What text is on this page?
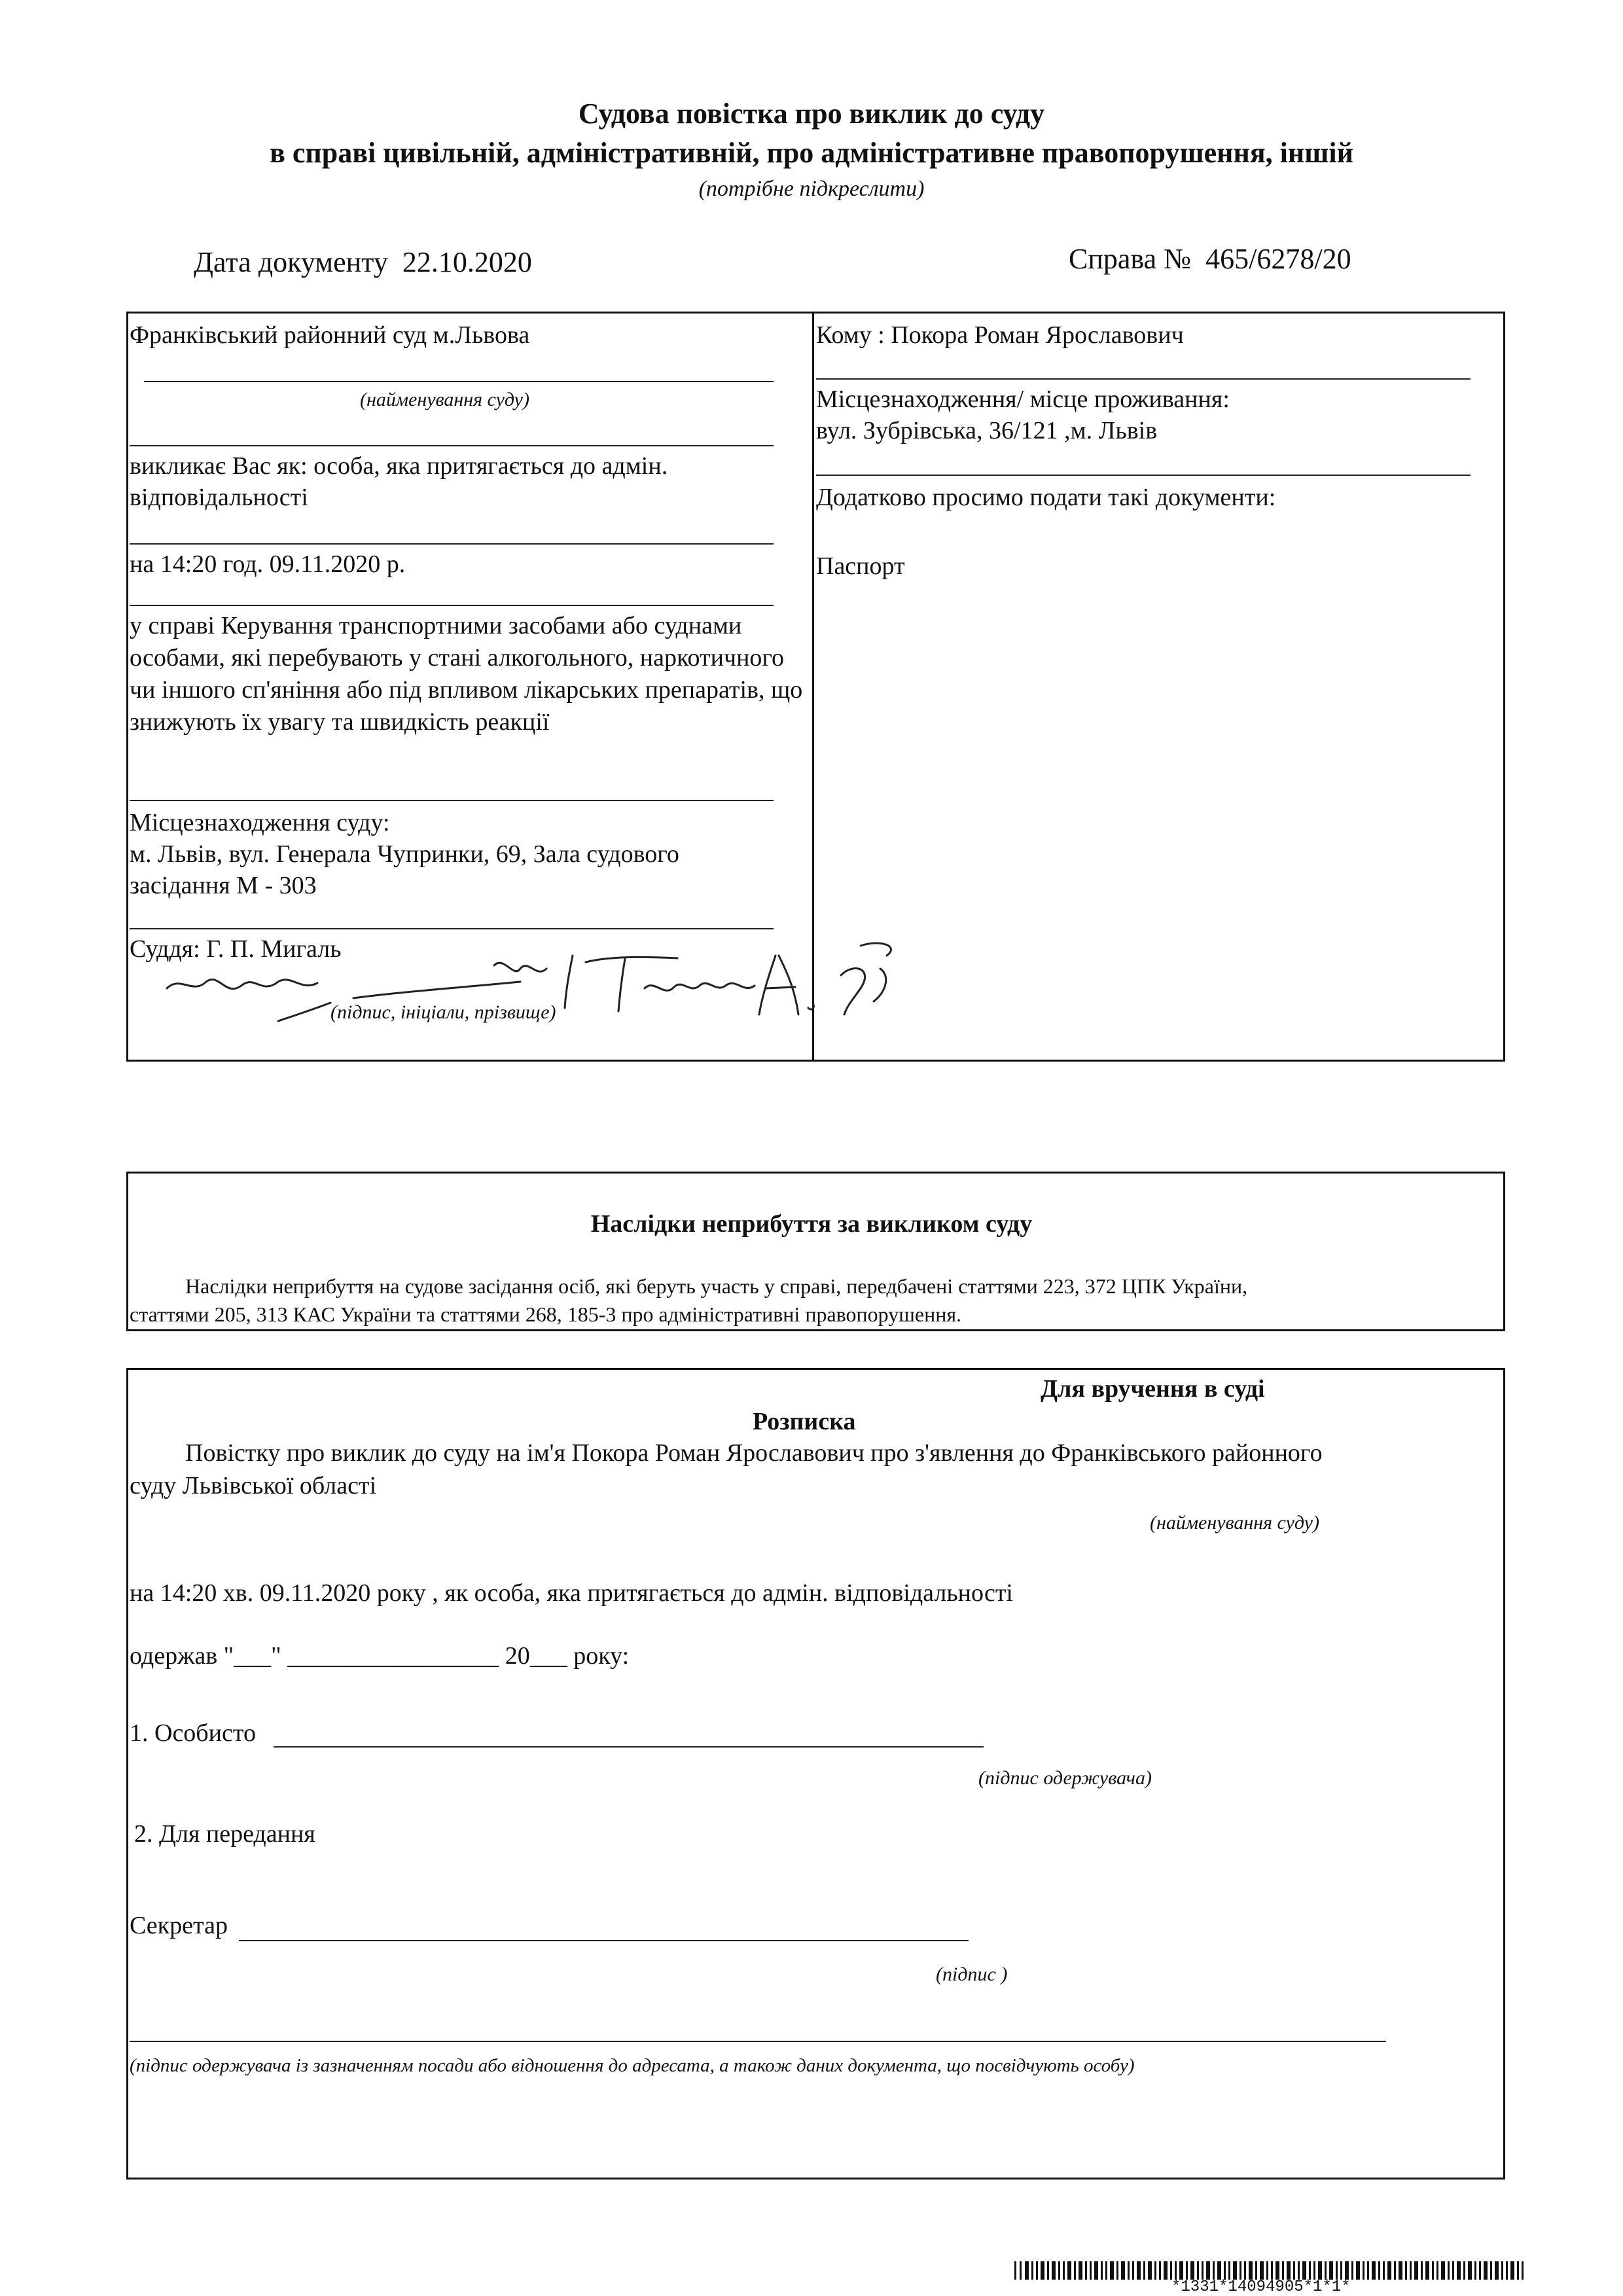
Судова повістка про виклик до суду
в справі цивільній, адміністративній, про адміністративне правопорушення, іншій
(потрібне підкреслити)
Дата документу 22.10.2020	Справа № 465/6278/20
Франківський районний суд м.Львова
(найменування суду)
викликає Вас як: особа, яка притягається до адмін.
відповідальності
на 14:20 год. 09.11.2020 р.
у справі Керування транспортними засобами або суднами особами, які перебувають у стані алкогольного, наркотичного чи іншого сп'яніння або під впливом лікарських препаратів, що знижують їх увагу та швидкість реакції
Місцезнаходження суду:
м. Львів, вул. Генерала Чупринки, 69, Зала судового
засідання М - 303
Суддя: Г. П. Мигаль
(підпис, ініціали, прізвище)
Кому : Покора Роман Ярославович
Місцезнаходження/ місце проживання:
вул. Зубрівська, 36/121 ,м. Львів
Додатково просимо подати такі документи:
Паспорт
Наслідки неприбуття за викликом суду
Наслідки неприбуття на судове засідання осіб, які беруть участь у справі, передбачені статтями 223, 372 ЦПК України,
статтями 205, 313 КАС України та статтями 268, 185-3 про адміністративні правопорушення.
Для вручення в суді
Розписка
Повістку про виклик до суду на ім'я Покора Роман Ярославович про з'явлення до Франківського районного
суду Львівської області
(найменування суду)
на 14:20 хв. 09.11.2020 року , як особа, яка притягається до адмін. відповідальності
одержав "___" _________________ 20___ року:
1. Особисто
(підпис одержувача)
2. Для передання
Секретар
(підпис )
(підпис одержувача із зазначенням посади або відношення до адресата, а також даних документа, що посвідчують особу)
*1331*14094905*1*1*
